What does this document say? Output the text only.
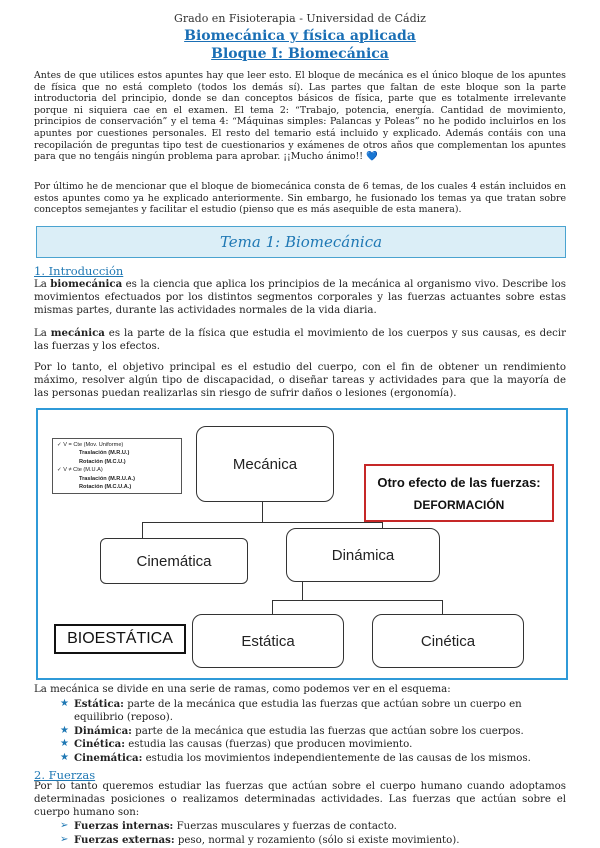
Grado en Fisioterapia - Universidad de Cádiz
Biomecánica y física aplicada
Bloque I: Biomecánica
Antes de que utilices estos apuntes hay que leer esto. El bloque de mecánica es el único bloque de los apuntes de física que no está completo (todos los demás sí). Las partes que faltan de este bloque son la parte introductoria del principio, donde se dan conceptos básicos de física, parte que es totalmente irrelevante porque ni siquiera cae en el examen. El tema 2: “Trabajo, potencia, energía. Cantidad de movimiento, principios de conservación” y el tema 4: “Máquinas simples: Palancas y Poleas” no he podido incluirlos en los apuntes por cuestiones personales. El resto del temario está incluido y explicado. Además contáis con una recopilación de preguntas tipo test de cuestionarios y exámenes de otros años que complementan los apuntes para que no tengáis ningún problema para aprobar. ¡¡Mucho ánimo!! 💙
Por último he de mencionar que el bloque de biomecánica consta de 6 temas, de los cuales 4 están incluidos en estos apuntes como ya he explicado anteriormente. Sin embargo, he fusionado los temas ya que tratan sobre conceptos semejantes y facilitar el estudio (pienso que es más asequible de esta manera).
Tema 1: Biomecánica
1. Introducción
La biomecánica es la ciencia que aplica los principios de la mecánica al organismo vivo. Describe los movimientos efectuados por los distintos segmentos corporales y las fuerzas actuantes sobre estas mismas partes, durante las actividades normales de la vida diaria.
La mecánica es la parte de la física que estudia el movimiento de los cuerpos y sus causas, es decir las fuerzas y los efectos.
Por lo tanto, el objetivo principal es el estudio del cuerpo, con el fin de obtener un rendimiento máximo, resolver algún tipo de discapacidad, o diseñar tareas y actividades para que la mayoría de las personas puedan realizarlas sin riesgo de sufrir daños o lesiones (ergonomía).
✓ V = Cte (Mov. Uniforme)
Traslación (M.R.U.)
Rotación (M.C.U.)
✓ V ≠ Cte (M.U.A)
Traslación (M.R.U.A.)
Rotación (M.C.U.A.)
Mecánica
Cinemática	Dinámica
Estática	Cinética
BIOESTÁTICA
Otro efecto de las fuerzas:
DEFORMACIÓN
La mecánica se divide en una serie de ramas, como podemos ver en el esquema:
★ Estática: parte de la mecánica que estudia las fuerzas que actúan sobre un cuerpo en equilibrio (reposo).
★ Dinámica: parte de la mecánica que estudia las fuerzas que actúan sobre los cuerpos.
★ Cinética: estudia las causas (fuerzas) que producen movimiento.
★ Cinemática: estudia los movimientos independientemente de las causas de los mismos.
2. Fuerzas
Por lo tanto queremos estudiar las fuerzas que actúan sobre el cuerpo humano cuando adoptamos determinadas posiciones o realizamos determinadas actividades. Las fuerzas que actúan sobre el cuerpo humano son:
➢ Fuerzas internas: Fuerzas musculares y fuerzas de contacto.
➢ Fuerzas externas: peso, normal y rozamiento (sólo si existe movimiento).
